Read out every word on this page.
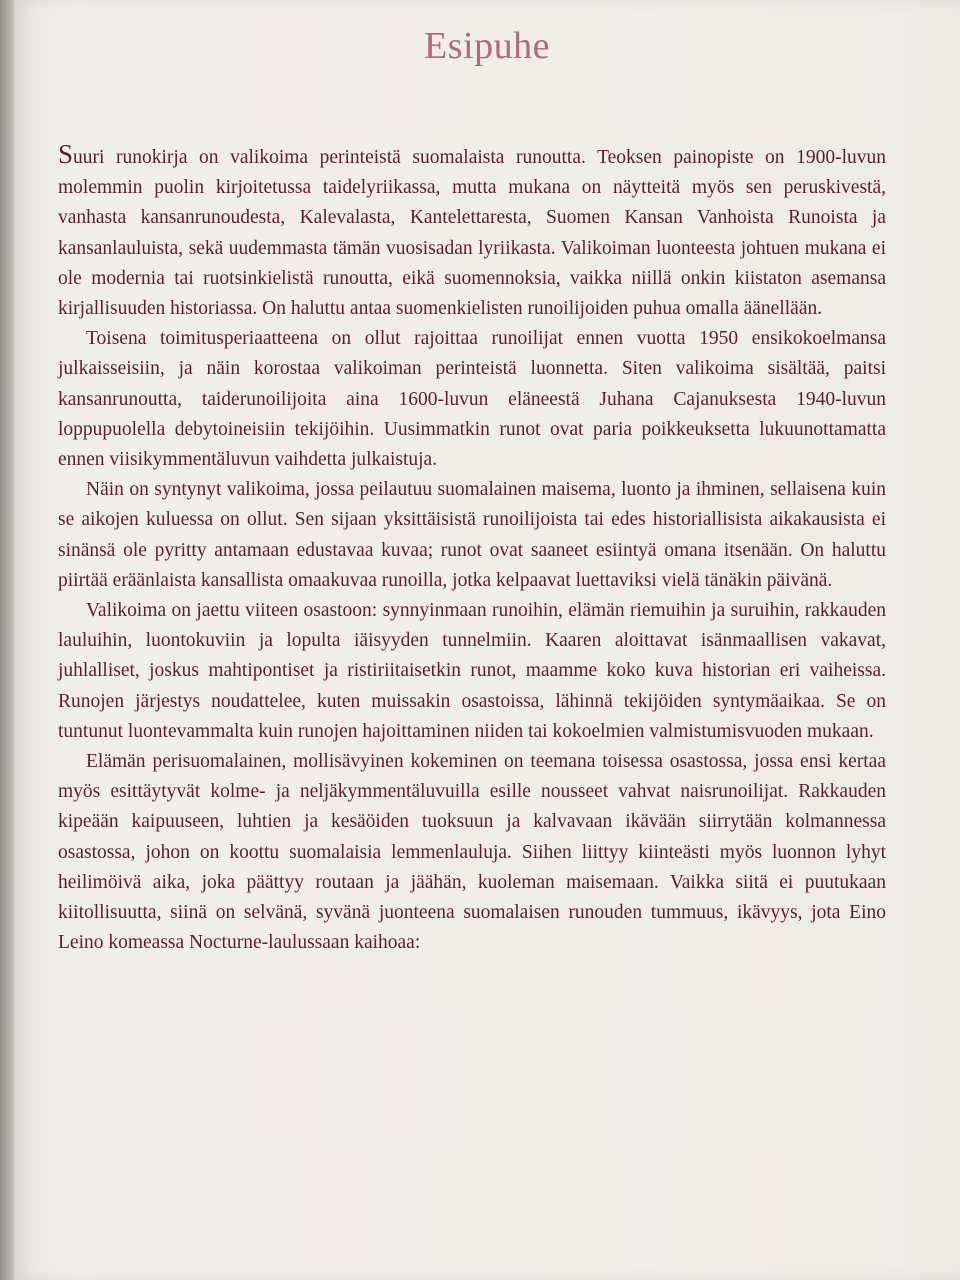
Esipuhe

Suuri runokirja on valikoima perinteistä suomalaista runoutta. Teoksen painopiste on 1900-luvun molemmin puolin kirjoitetussa taidelyriikassa, mutta mukana on näytteitä myös sen peruskivestä, vanhasta kansanrunoudesta, Kalevalasta, Kantelettaresta, Suomen Kansan Vanhoista Runoista ja kansanlauluista, sekä uudemmasta tämän vuosisadan lyriikasta. Valikoiman luonteesta johtuen mukana ei ole modernia tai ruotsinkielistä runoutta, eikä suomennoksia, vaikka niillä onkin kiistaton asemansa kirjallisuuden historiassa. On haluttu antaa suomenkielisten runoilijoiden puhua omalla äänellään.

Toisena toimitusperiaatteena on ollut rajoittaa runoilijat ennen vuotta 1950 ensikokoelmansa julkaisseisiin, ja näin korostaa valikoiman perinteistä luonnetta. Siten valikoima sisältää, paitsi kansanrunoutta, taiderunoilijoita aina 1600-luvun eläneestä Juhana Cajanuksesta 1940-luvun loppupuolella debytoineisiin tekijöihin. Uusimmatkin runot ovat paria poikkeuksetta lukuunottamatta ennen viisikymmentäluvun vaihdetta julkaistuja.

Näin on syntynyt valikoima, jossa peilautuu suomalainen maisema, luonto ja ihminen, sellaisena kuin se aikojen kuluessa on ollut. Sen sijaan yksittäisistä runoilijoista tai edes historiallisista aikakausista ei sinänsä ole pyritty antamaan edustavaa kuvaa; runot ovat saaneet esiintyä omana itsenään. On haluttu piirtää eräänlaista kansallista omaakuvaa runoilla, jotka kelpaavat luettaviksi vielä tänäkin päivänä.

Valikoima on jaettu viiteen osastoon: synnyinmaan runoihin, elämän riemuihin ja suruihin, rakkauden lauluihin, luontokuviin ja lopulta iäisyyden tunnelmiin. Kaaren aloittavat isänmaallisen vakavat, juhlalliset, joskus mahtipontiset ja ristiriitaisetkin runot, maamme koko kuva historian eri vaiheissa. Runojen järjestys noudattelee, kuten muissakin osastoissa, lähinnä tekijöiden syntymäaikaa. Se on tuntunut luontevammalta kuin runojen hajoittaminen niiden tai kokoelmien valmistumisvuoden mukaan.

Elämän perisuomalainen, mollisävyinen kokeminen on teemana toisessa osastossa, jossa ensi kertaa myös esittäytyvät kolme- ja neljäkymmentäluvuilla esille nousseet vahvat naisrunoilijat. Rakkauden kipeään kaipuuseen, luhtien ja kesäöiden tuoksuun ja kalvavaan ikävään siirrytään kolmannessa osastossa, johon on koottu suomalaisia lemmenlauluja. Siihen liittyy kiinteästi myös luonnon lyhyt heilimöivä aika, joka päättyy routaan ja jäähän, kuoleman maisemaan. Vaikka siitä ei puutukaan kiitollisuutta, siinä on selvänä, syvänä juonteena suomalaisen runouden tummuus, ikävyys, jota Eino Leino komeassa Nocturne-laulussaan kaihoaa:
